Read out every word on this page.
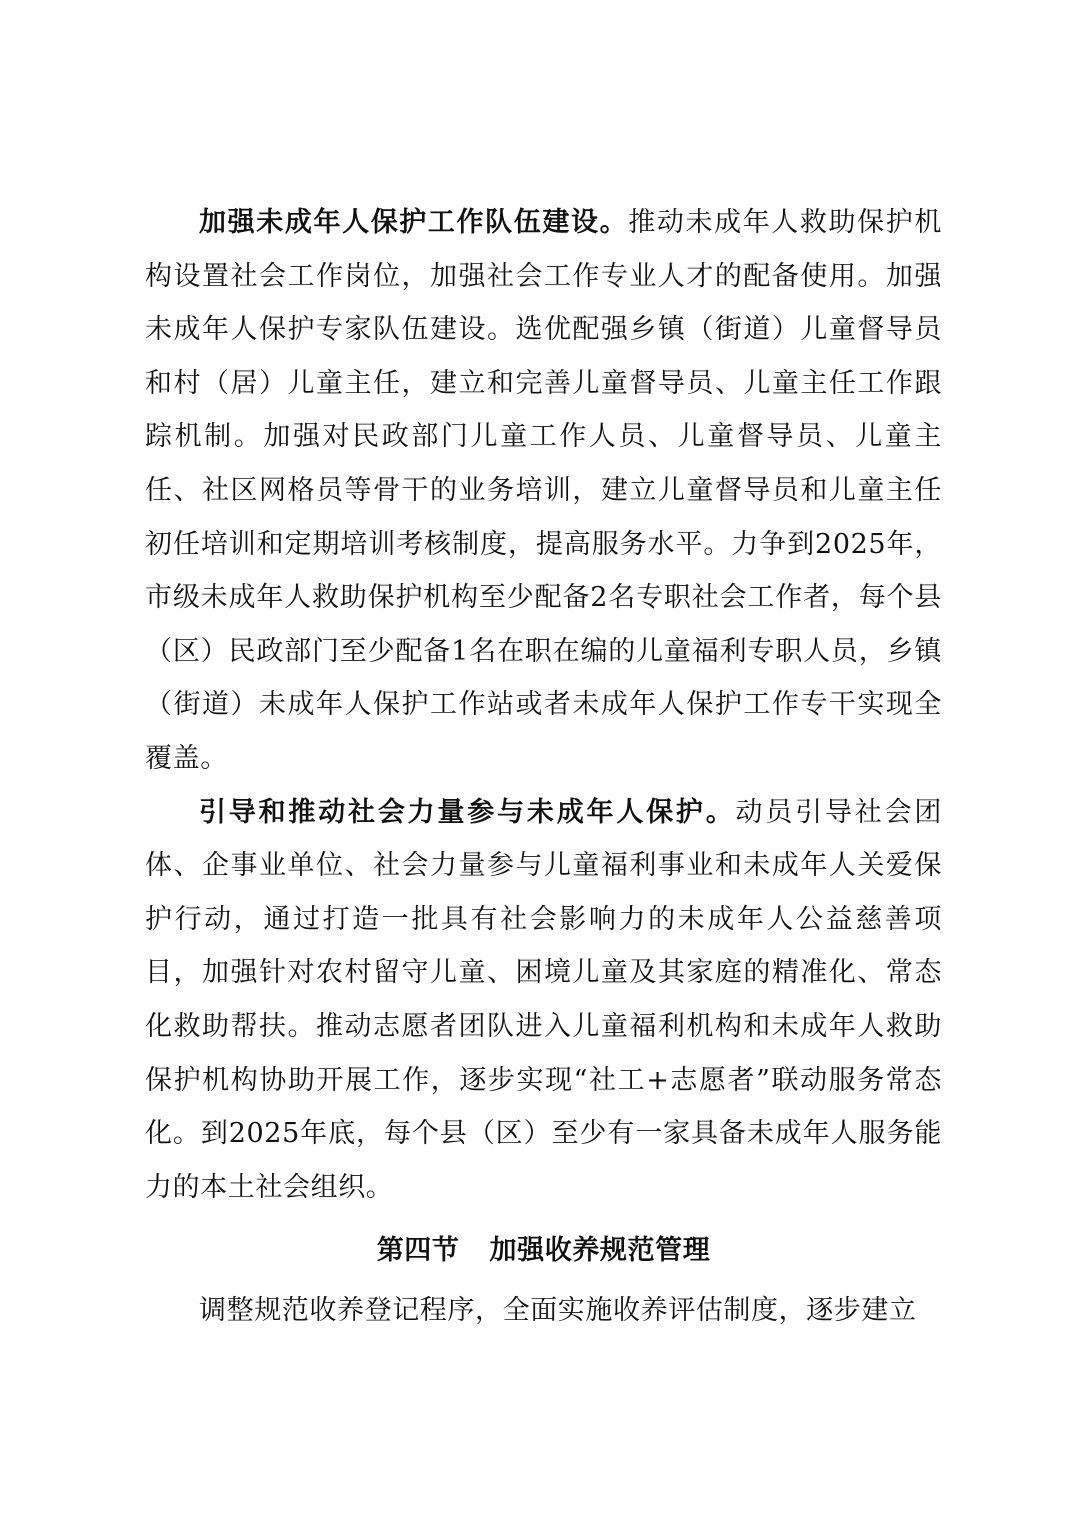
加强未成年人保护工作队伍建设。推动未成年人救助保护机构设置社会工作岗位，加强社会工作专业人才的配备使用。加强未成年人保护专家队伍建设。选优配强乡镇（街道）儿童督导员和村（居）儿童主任，建立和完善儿童督导员、儿童主任工作跟踪机制。加强对民政部门儿童工作人员、儿童督导员、儿童主任、社区网格员等骨干的业务培训，建立儿童督导员和儿童主任初任培训和定期培训考核制度，提高服务水平。力争到2025年，市级未成年人救助保护机构至少配备2名专职社会工作者，每个县（区）民政部门至少配备1名在职在编的儿童福利专职人员，乡镇（街道）未成年人保护工作站或者未成年人保护工作专干实现全覆盖。

引导和推动社会力量参与未成年人保护。动员引导社会团体、企事业单位、社会力量参与儿童福利事业和未成年人关爱保护行动，通过打造一批具有社会影响力的未成年人公益慈善项目，加强针对农村留守儿童、困境儿童及其家庭的精准化、常态化救助帮扶。推动志愿者团队进入儿童福利机构和未成年人救助保护机构协助开展工作，逐步实现“社工+志愿者”联动服务常态化。到2025年底，每个县（区）至少有一家具备未成年人服务能力的本土社会组织。

第四节 加强收养规范管理

调整规范收养登记程序，全面实施收养评估制度，逐步建立
